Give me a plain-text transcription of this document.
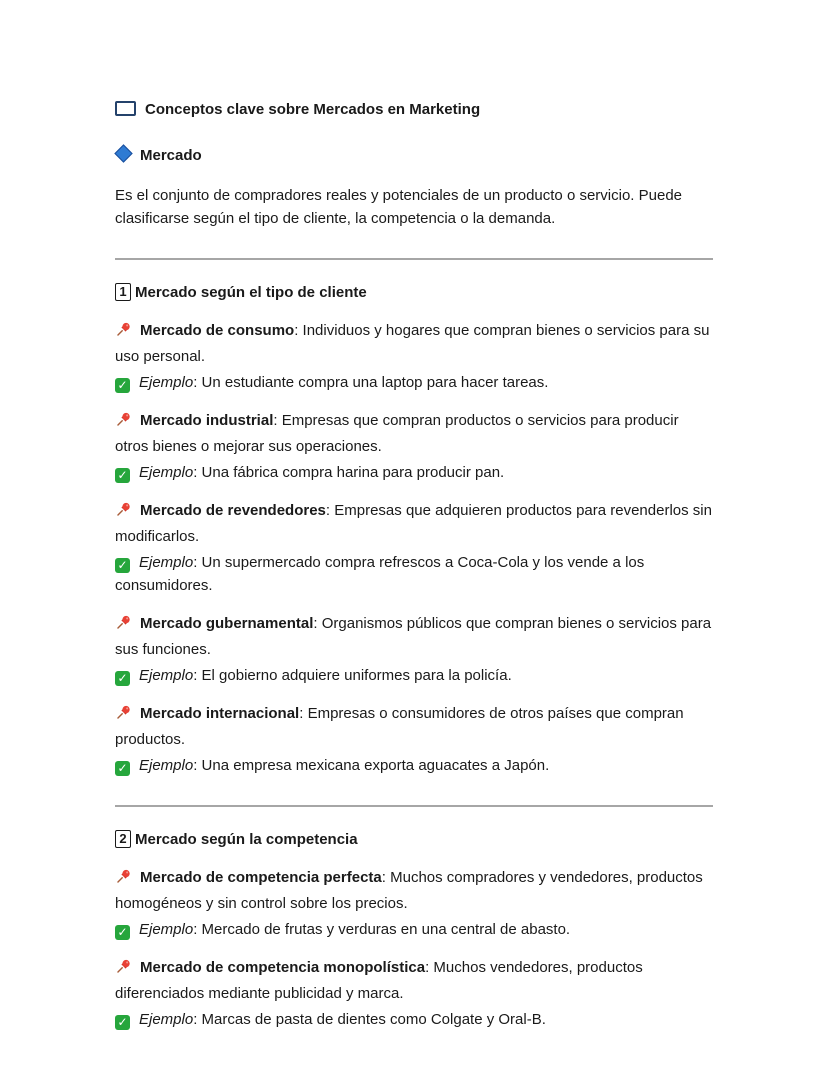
Conceptos clave sobre Mercados en Marketing

Mercado

Es el conjunto de compradores reales y potenciales de un producto o servicio. Puede clasificarse según el tipo de cliente, la competencia o la demanda.

1 Mercado según el tipo de cliente

Mercado de consumo: Individuos y hogares que compran bienes o servicios para su uso personal.

✓ Ejemplo: Un estudiante compra una laptop para hacer tareas.

Mercado industrial: Empresas que compran productos o servicios para producir otros bienes o mejorar sus operaciones.

✓ Ejemplo: Una fábrica compra harina para producir pan.

Mercado de revendedores: Empresas que adquieren productos para revenderlos sin modificarlos.

✓ Ejemplo: Un supermercado compra refrescos a Coca-Cola y los vende a los consumidores.

Mercado gubernamental: Organismos públicos que compran bienes o servicios para sus funciones.

✓ Ejemplo: El gobierno adquiere uniformes para la policía.

Mercado internacional: Empresas o consumidores de otros países que compran productos.

✓ Ejemplo: Una empresa mexicana exporta aguacates a Japón.

2 Mercado según la competencia

Mercado de competencia perfecta: Muchos compradores y vendedores, productos homogéneos y sin control sobre los precios.

✓ Ejemplo: Mercado de frutas y verduras en una central de abasto.

Mercado de competencia monopolística: Muchos vendedores, productos diferenciados mediante publicidad y marca.

✓ Ejemplo: Marcas de pasta de dientes como Colgate y Oral-B.
